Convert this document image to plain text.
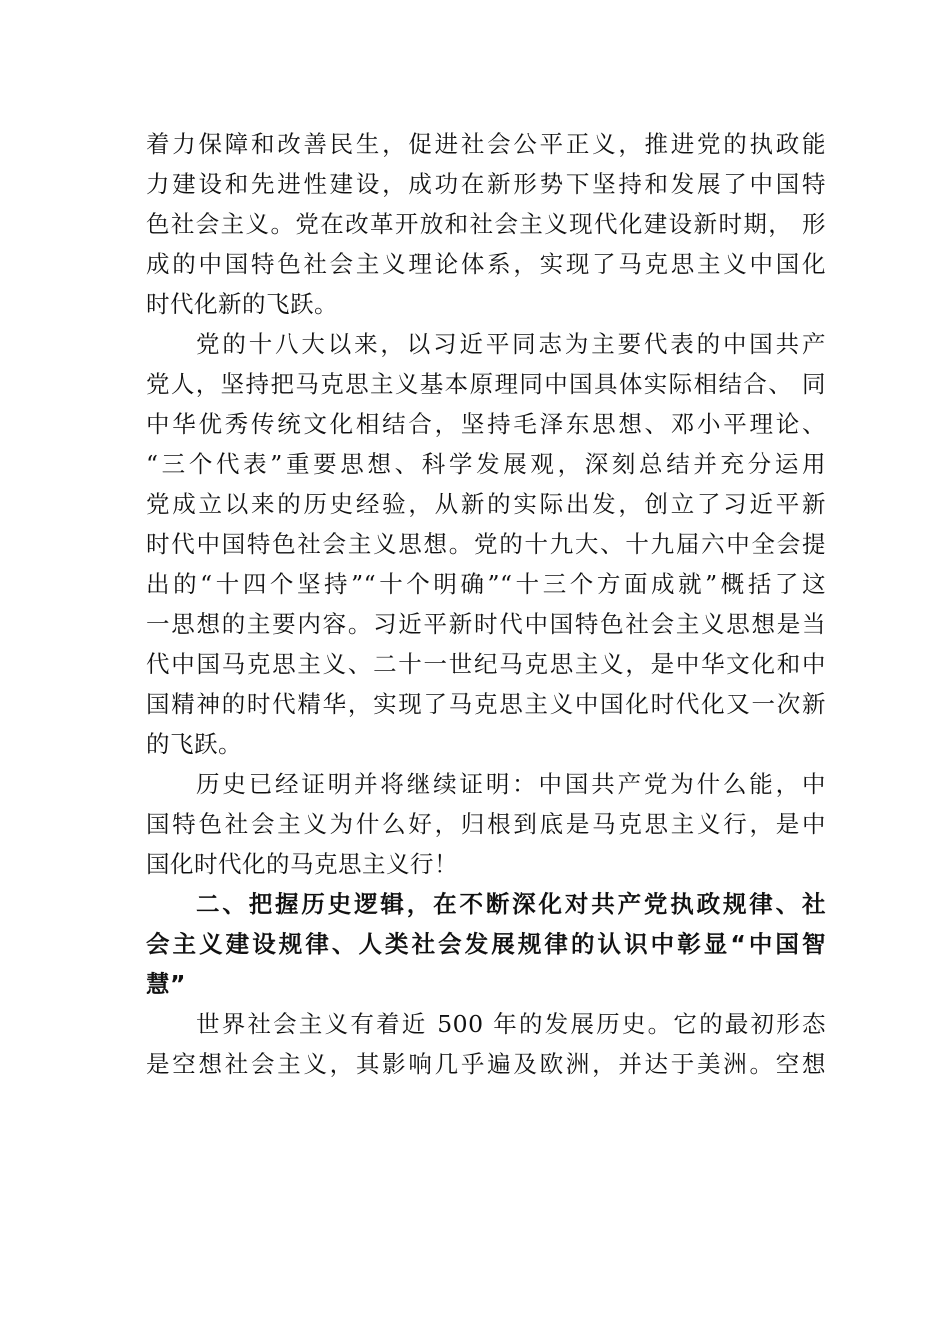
着力保障和改善民生，促进社会公平正义，推进党的执政能
力建设和先进性建设，成功在新形势下坚持和发展了中国特
色社会主义。党在改革开放和社会主义现代化建设新时期， 形
成的中国特色社会主义理论体系，实现了马克思主义中国化
时代化新的飞跃。
党的十八大以来，以习近平同志为主要代表的中国共产
党人，坚持把马克思主义基本原理同中国具体实际相结合、 同
中华优秀传统文化相结合，坚持毛泽东思想、邓小平理论、
“三个代表”重要思想、科学发展观，深刻总结并充分运用
党成立以来的历史经验，从新的实际出发，创立了习近平新
时代中国特色社会主义思想。党的十九大、十九届六中全会提
出的“十四个坚持”“十个明确”“十三个方面成就”概括了这
一思想的主要内容。习近平新时代中国特色社会主义思想是当
代中国马克思主义、二十一世纪马克思主义，是中华文化和中
国精神的时代精华，实现了马克思主义中国化时代化又一次新
的飞跃。
历史已经证明并将继续证明：中国共产党为什么能，中
国特色社会主义为什么好，归根到底是马克思主义行，是中
国化时代化的马克思主义行！
二、把握历史逻辑，在不断深化对共产党执政规律、社
会主义建设规律、人类社会发展规律的认识中彰显“中国智
慧”
世界社会主义有着近 500 年的发展历史。它的最初形态
是空想社会主义，其影响几乎遍及欧洲，并达于美洲。空想
